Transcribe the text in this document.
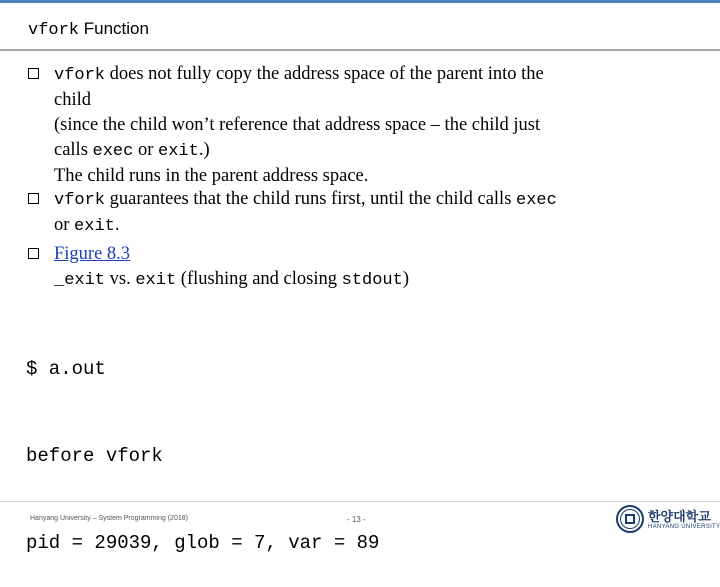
vfork Function
vfork does not fully copy the address space of the parent into the
child
(since the child won’t reference that address space – the child just
calls exec or exit.)
The child runs in the parent address space.
vfork guarantees that the child runs first, until the child calls exec
or exit.
Figure 8.3
_exit vs. exit (flushing and closing stdout)

$ a.out

before vfork

pid = 29039, glob = 7, var = 89

Hanyang University – System Programming (2018)	- 13 -	한양대학교
HANYANG UNIVERSITY
